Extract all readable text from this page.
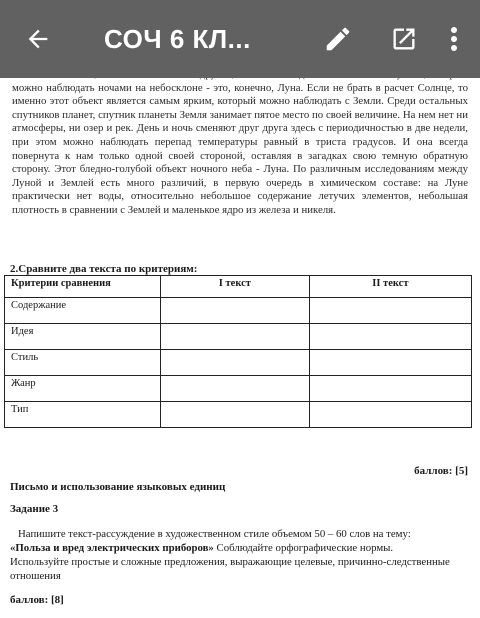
СОЧ 6 КЛ...

можно наблюдать ночами на небосклоне - это, конечно, Луна. Если не брать в расчет Солнце, то именно этот объект является самым ярким, который можно наблюдать с Земли. Среди остальных спутников планет, спутник планеты Земля занимает пятое место по своей величине. На нем нет ни атмосферы, ни озер и рек. День и ночь сменяют друг друга здесь с периодичностью в две недели, при этом можно наблюдать перепад температуры равный в триста градусов. И она всегда повернута к нам только одной своей стороной, оставляя в загадках свою темную обратную сторону. Этот бледно-голубой объект ночного неба - Луна. По различным исследованиям между Луной и Землей есть много различий, в первую очередь в химическом составе: на Луне практически нет воды, относительно небольшое содержание летучих элементов, небольшая плотность в сравнении с Землей и маленькое ядро из железа и никеля.

2.Сравните два текста по критериям:
Критерии сравнения	I текст	II текст
Содержание		
Идея		
Стиль		
Жанр		
Тип		
баллов: [5]
Письмо и использование языковых единиц
Задание 3
Напишите текст-рассуждение в художественном стиле объемом 50 – 60 слов на тему:
«Польза и вред электрических приборов» Соблюдайте орфографические нормы.
Используйте простые и сложные предложения, выражающие целевые, причинно-следственные отношения
баллов: [8]
